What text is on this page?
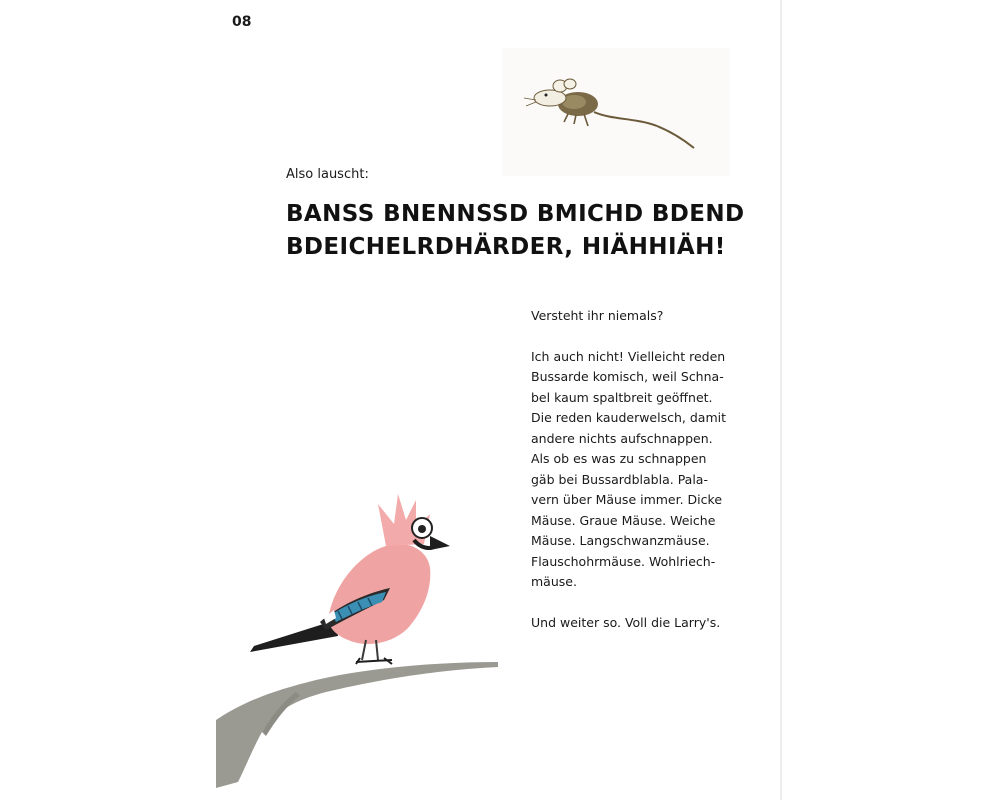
08
Also lauscht:
BANSS BNENNSSD BMICHD BDEND
BDEICHELRDHÄRDER, HIÄHHIÄH!

Versteht ihr niemals?

Ich auch nicht! Vielleicht reden
Bussarde komisch, weil Schna-
bel kaum spaltbreit geöffnet.
Die reden kauderwelsch, damit
andere nichts aufschnappen.
Als ob es was zu schnappen
gäb bei Bussardblabla. Pala-
vern über Mäuse immer. Dicke
Mäuse. Graue Mäuse. Weiche
Mäuse. Langschwanzmäuse.
Flauschohrmäuse. Wohlriech-
mäuse.

Und weiter so. Voll die Larry's.
